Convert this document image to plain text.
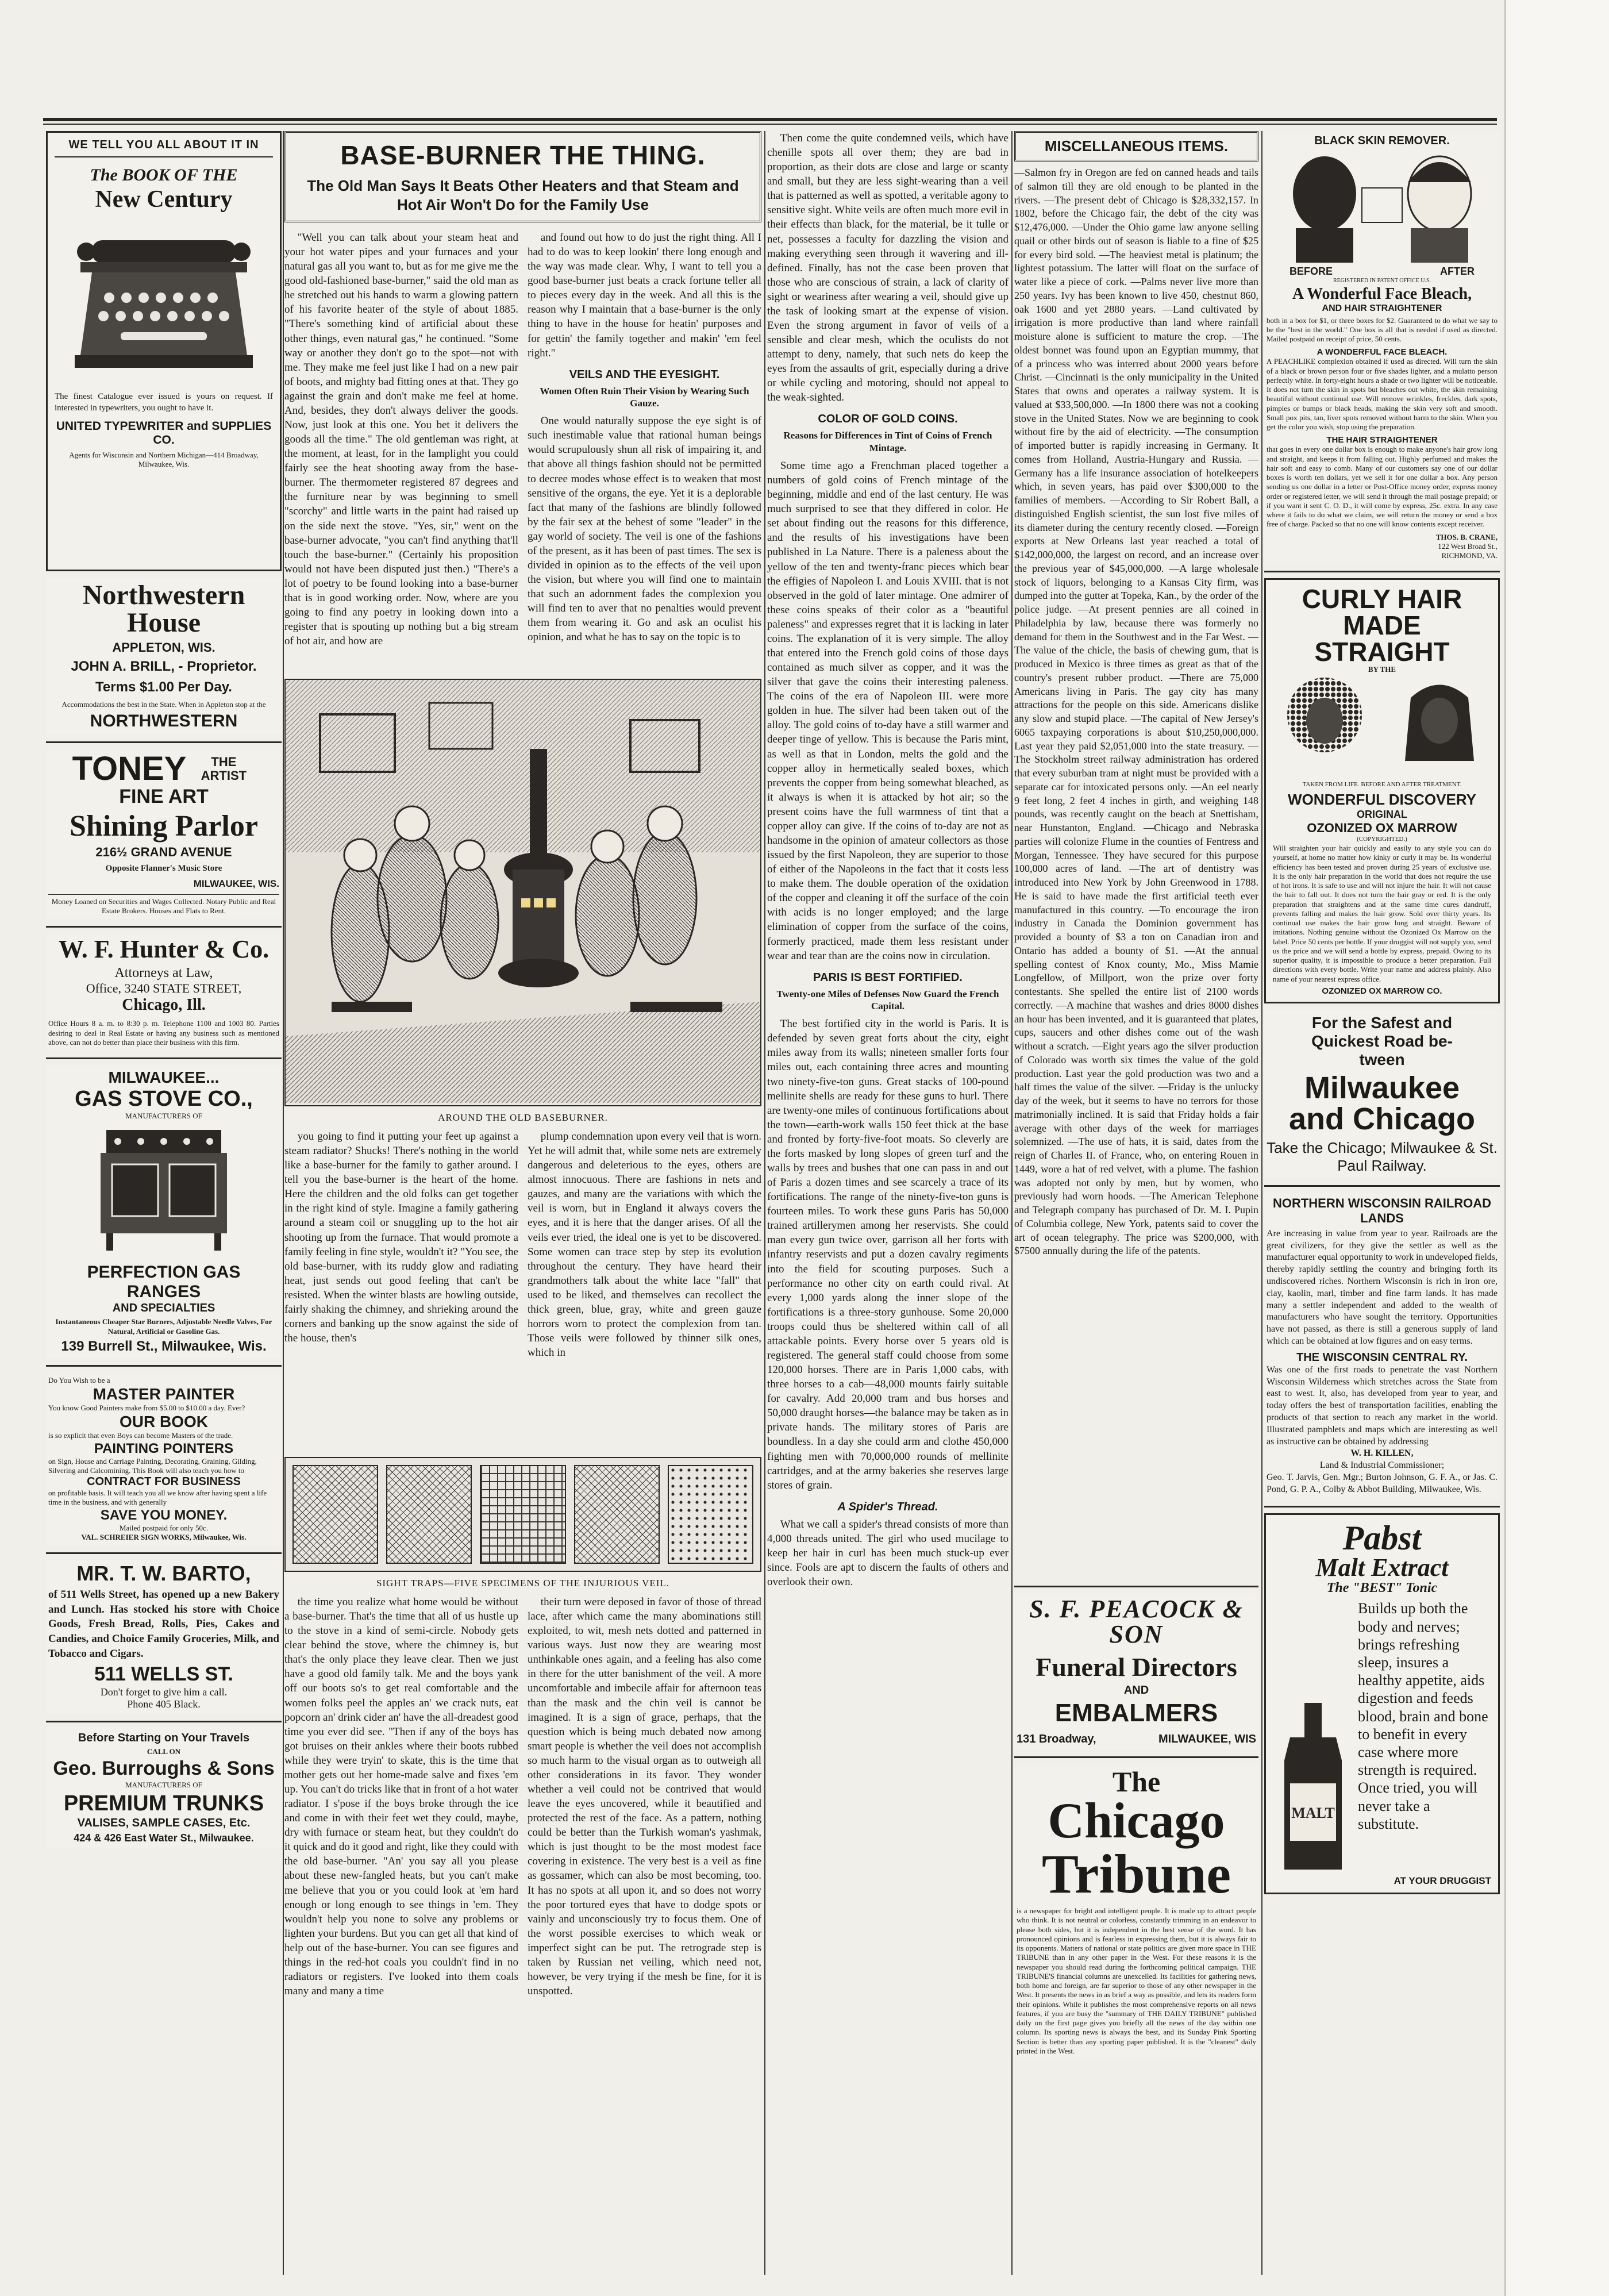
WE TELL YOU ALL ABOUT IT IN
The BOOK OF THE
New Century
The finest Catalogue ever issued is yours on request. If interested in typewriters, you ought to have it.
UNITED TYPEWRITER and SUPPLIES CO.
Agents for Wisconsin and Northern Michigan—414 Broadway, Milwaukee, Wis.
Northwestern House
APPLETON, WIS.
JOHN A. BRILL, - Proprietor.
Terms $1.00 Per Day.
Accommodations the best in the State. When in Appleton stop at the
NORTHWESTERN
TONEY	THE ARTIST
FINE ART
Shining Parlor
216½ GRAND AVENUE
Opposite Flanner's Music Store
MILWAUKEE, WIS.
Money Loaned on Securities and Wages Collected. Notary Public and Real Estate Brokers. Houses and Flats to Rent.
W. F. Hunter & Co.
Attorneys at Law,
Office, 3240 STATE STREET,
Chicago, Ill.
Office Hours 8 a. m. to 8:30 p. m. Telephone 1100 and 1003 80. Parties desiring to deal in Real Estate or having any business such as mentioned above, can not do better than place their business with this firm.
MILWAUKEE...
GAS STOVE CO.,
MANUFACTURERS OF
PERFECTION GAS RANGES
AND SPECIALTIES
Instantaneous Cheaper Star Burners, Adjustable Needle Valves, For Natural, Artificial or Gasoline Gas.
139 Burrell St., Milwaukee, Wis.
Do You Wish to be a
MASTER PAINTER
You know Good Painters make from $5.00 to $10.00 a day. Ever?
OUR BOOK
is so explicit that even Boys can become Masters of the trade.
PAINTING POINTERS
on Sign, House and Carriage Painting, Decorating, Graining, Gilding, Silvering and Calcomining. This Book will also teach you how to
CONTRACT FOR BUSINESS
on profitable basis. It will teach you all we know after having spent a life time in the business, and with generally
SAVE YOU MONEY.
Mailed postpaid for only 50c.
VAL. SCHREIER SIGN WORKS, Milwaukee, Wis.
MR. T. W. BARTO,
of 511 Wells Street, has opened up a new Bakery and Lunch. Has stocked his store with Choice Goods, Fresh Bread, Rolls, Pies, Cakes and Candies, and Choice Family Groceries, Milk, and Tobacco and Cigars.
511 WELLS ST.
Don't forget to give him a call.
Phone 405 Black.
Before Starting on Your Travels
CALL ON
Geo. Burroughs & Sons
MANUFACTURERS OF
PREMIUM TRUNKS
VALISES, SAMPLE CASES, Etc.
424 & 426 East Water St., Milwaukee.
BASE-BURNER THE THING.
The Old Man Says It Beats Other Heaters and that Steam and Hot Air Won't Do for the Family Use

"Well you can talk about your steam heat and your hot water pipes and your furnaces and your natural gas all you want to, but as for me give me the good old-fashioned base-burner," said the old man as he stretched out his hands to warm a glowing pattern of his favorite heater of the style of about 1885. "There's something kind of artificial about these other things, even natural gas," he continued. "Some way or another they don't go to the spot—not with me. They make me feel just like I had on a new pair of boots, and mighty bad fitting ones at that. They go against the grain and don't make me feel at home. And, besides, they don't always deliver the goods. Now, just look at this one. You bet it delivers the goods all the time." The old gentleman was right, at the moment, at least, for in the lamplight you could fairly see the heat shooting away from the base-burner. The thermometer registered 87 degrees and the furniture near by was beginning to smell "scorchy" and little warts in the paint had raised up on the side next the stove. "Yes, sir," went on the base-burner advocate, "you can't find anything that'll touch the base-burner." (Certainly his proposition would not have been disputed just then.) "There's a lot of poetry to be found looking into a base-burner that is in good working order. Now, where are you going to find any poetry in looking down into a register that is spouting up nothing but a big stream of hot air, and how are

and found out how to do just the right thing. All I had to do was to keep lookin' there long enough and the way was made clear. Why, I want to tell you a good base-burner just beats a crack fortune teller all to pieces every day in the week. And all this is the reason why I maintain that a base-burner is the only thing to have in the house for heatin' purposes and for gettin' the family together and makin' 'em feel right."

VEILS AND THE EYESIGHT.
Women Often Ruin Their Vision by Wearing Such Gauze.

One would naturally suppose the eye sight is of such inestimable value that rational human beings would scrupulously shun all risk of impairing it, and that above all things fashion should not be permitted to decree modes whose effect is to weaken that most sensitive of the organs, the eye. Yet it is a deplorable fact that many of the fashions are blindly followed by the fair sex at the behest of some "leader" in the gay world of society. The veil is one of the fashions of the present, as it has been of past times. The sex is divided in opinion as to the effects of the veil upon the vision, but where you will find one to maintain that such an adornment fades the complexion you will find ten to aver that no penalties would prevent them from wearing it. Go and ask an oculist his opinion, and what he has to say on the topic is to

AROUND THE OLD BASEBURNER.

you going to find it putting your feet up against a steam radiator? Shucks! There's nothing in the world like a base-burner for the family to gather around. I tell you the base-burner is the heart of the home. Here the children and the old folks can get together in the right kind of style. Imagine a family gathering around a steam coil or snuggling up to the hot air shooting up from the furnace. That would promote a family feeling in fine style, wouldn't it? "You see, the old base-burner, with its ruddy glow and radiating heat, just sends out good feeling that can't be resisted. When the winter blasts are howling outside, fairly shaking the chimney, and shrieking around the corners and banking up the snow against the side of the house, then's

plump condemnation upon every veil that is worn. Yet he will admit that, while some nets are extremely dangerous and deleterious to the eyes, others are almost innocuous. There are fashions in nets and gauzes, and many are the variations with which the veil is worn, but in England it always covers the eyes, and it is here that the danger arises. Of all the veils ever tried, the ideal one is yet to be discovered. Some women can trace step by step its evolution throughout the century. They have heard their grandmothers talk about the white lace "fall" that used to be liked, and themselves can recollect the thick green, blue, gray, white and green gauze horrors worn to protect the complexion from tan. Those veils were followed by thinner silk ones, which in

SIGHT TRAPS—FIVE SPECIMENS OF THE INJURIOUS VEIL.

the time you realize what home would be without a base-burner. That's the time that all of us hustle up to the stove in a kind of semi-circle. Nobody gets clear behind the stove, where the chimney is, but that's the only place they leave clear. Then we just have a good old family talk. Me and the boys yank off our boots so's to get real comfortable and the women folks peel the apples an' we crack nuts, eat popcorn an' drink cider an' have the all-dreadest good time you ever did see. "Then if any of the boys has got bruises on their ankles where their boots rubbed while they were tryin' to skate, this is the time that mother gets out her home-made salve and fixes 'em up. You can't do tricks like that in front of a hot water radiator. I s'pose if the boys broke through the ice and come in with their feet wet they could, maybe, dry with furnace or steam heat, but they couldn't do it quick and do it good and right, like they could with the old base-burner. "An' you say all you please about these new-fangled heats, but you can't make me believe that you or you could look at 'em hard enough or long enough to see things in 'em. They wouldn't help you none to solve any problems or lighten your burdens. But you can get all that kind of help out of the base-burner. You can see figures and things in the red-hot coals you couldn't find in no radiators or registers. I've looked into them coals many and many a time

their turn were deposed in favor of those of thread lace, after which came the many abominations still exploited, to wit, mesh nets dotted and patterned in various ways. Just now they are wearing most unthinkable ones again, and a feeling has also come in there for the utter banishment of the veil. A more uncomfortable and imbecile affair for afternoon teas than the mask and the chin veil is cannot be imagined. It is a sign of grace, perhaps, that the question which is being much debated now among smart people is whether the veil does not accomplish so much harm to the visual organ as to outweigh all other considerations in its favor. They wonder whether a veil could not be contrived that would leave the eyes uncovered, while it beautified and protected the rest of the face. As a pattern, nothing could be better than the Turkish woman's yashmak, which is just thought to be the most modest face covering in existence. The very best is a veil as fine as gossamer, which can also be most becoming, too. It has no spots at all upon it, and so does not worry the poor tortured eyes that have to dodge spots or vainly and unconsciously try to focus them. One of the worst possible exercises to which weak or imperfect sight can be put. The retrograde step is taken by Russian net veiling, which need not, however, be very trying if the mesh be fine, for it is unspotted.

Then come the quite condemned veils, which have chenille spots all over them; they are bad in proportion, as their dots are close and large or scanty and small, but they are less sight-wearing than a veil that is patterned as well as spotted, a veritable agony to sensitive sight. White veils are often much more evil in their effects than black, for the material, be it tulle or net, possesses a faculty for dazzling the vision and making everything seen through it wavering and ill-defined. Finally, has not the case been proven that those who are conscious of strain, a lack of clarity of sight or weariness after wearing a veil, should give up the task of looking smart at the expense of vision. Even the strong argument in favor of veils of a sensible and clear mesh, which the oculists do not attempt to deny, namely, that such nets do keep the eyes from the assaults of grit, especially during a drive or while cycling and motoring, should not appeal to the weak-sighted.

COLOR OF GOLD COINS.
Reasons for Differences in Tint of Coins of French Mintage.

Some time ago a Frenchman placed together a numbers of gold coins of French mintage of the beginning, middle and end of the last century. He was much surprised to see that they differed in color. He set about finding out the reasons for this difference, and the results of his investigations have been published in La Nature. There is a paleness about the yellow of the ten and twenty-franc pieces which bear the effigies of Napoleon I. and Louis XVIII. that is not observed in the gold of later mintage. One admirer of these coins speaks of their color as a "beautiful paleness" and expresses regret that it is lacking in later coins. The explanation of it is very simple. The alloy that entered into the French gold coins of those days contained as much silver as copper, and it was the silver that gave the coins their interesting paleness. The coins of the era of Napoleon III. were more golden in hue. The silver had been taken out of the alloy. The gold coins of to-day have a still warmer and deeper tinge of yellow. This is because the Paris mint, as well as that in London, melts the gold and the copper alloy in hermetically sealed boxes, which prevents the copper from being somewhat bleached, as it always is when it is attacked by hot air; so the present coins have the full warmness of tint that a copper alloy can give. If the coins of to-day are not as handsome in the opinion of amateur collectors as those issued by the first Napoleon, they are superior to those of either of the Napoleons in the fact that it costs less to make them. The double operation of the oxidation of the copper and cleaning it off the surface of the coin with acids is no longer employed; and the large elimination of copper from the surface of the coins, formerly practiced, made them less resistant under wear and tear than are the coins now in circulation.

PARIS IS BEST FORTIFIED.
Twenty-one Miles of Defenses Now Guard the French Capital.

The best fortified city in the world is Paris. It is defended by seven great forts about the city, eight miles away from its walls; nineteen smaller forts four miles out, each containing three acres and mounting two ninety-five-ton guns. Great stacks of 100-pound mellinite shells are ready for these guns to hurl. There are twenty-one miles of continuous fortifications about the town—earth-work walls 150 feet thick at the base and fronted by forty-five-foot moats. So cleverly are the forts masked by long slopes of green turf and the walls by trees and bushes that one can pass in and out of Paris a dozen times and see scarcely a trace of its fortifications. The range of the ninety-five-ton guns is fourteen miles. To work these guns Paris has 50,000 trained artillerymen among her reservists. She could man every gun twice over, garrison all her forts with infantry reservists and put a dozen cavalry regiments into the field for scouting purposes. Such a performance no other city on earth could rival. At every 1,000 yards along the inner slope of the fortifications is a three-story gunhouse. Some 20,000 troops could thus be sheltered within call of all attackable points. Every horse over 5 years old is registered. The general staff could choose from some 120,000 horses. There are in Paris 1,000 cabs, with three horses to a cab—48,000 mounts fairly suitable for cavalry. Add 20,000 tram and bus horses and 50,000 draught horses—the balance may be taken as in private hands. The military stores of Paris are boundless. In a day she could arm and clothe 450,000 fighting men with 70,000,000 rounds of mellinite cartridges, and at the army bakeries she reserves large stores of grain.

A Spider's Thread.

What we call a spider's thread consists of more than 4,000 threads united. The girl who used mucilage to keep her hair in curl has been much stuck-up ever since. Fools are apt to discern the faults of others and overlook their own.

MISCELLANEOUS ITEMS.

—Salmon fry in Oregon are fed on canned heads and tails of salmon till they are old enough to be planted in the rivers. —The present debt of Chicago is $28,332,157. In 1802, before the Chicago fair, the debt of the city was $12,476,000. —Under the Ohio game law anyone selling quail or other birds out of season is liable to a fine of $25 for every bird sold. —The heaviest metal is platinum; the lightest potassium. The latter will float on the surface of water like a piece of cork. —Palms never live more than 250 years. Ivy has been known to live 450, chestnut 860, oak 1600 and yet 2880 years. —Land cultivated by irrigation is more productive than land where rainfall moisture alone is sufficient to mature the crop. —The oldest bonnet was found upon an Egyptian mummy, that of a princess who was interred about 2000 years before Christ. —Cincinnati is the only municipality in the United States that owns and operates a railway system. It is valued at $33,500,000. —In 1800 there was not a cooking stove in the United States. Now we are beginning to cook without fire by the aid of electricity. —The consumption of imported butter is rapidly increasing in Germany. It comes from Holland, Austria-Hungary and Russia. —Germany has a life insurance association of hotelkeepers which, in seven years, has paid over $300,000 to the families of members. —According to Sir Robert Ball, a distinguished English scientist, the sun lost five miles of its diameter during the century recently closed. —Foreign exports at New Orleans last year reached a total of $142,000,000, the largest on record, and an increase over the previous year of $45,000,000. —A large wholesale stock of liquors, belonging to a Kansas City firm, was dumped into the gutter at Topeka, Kan., by the order of the police judge. —At present pennies are all coined in Philadelphia by law, because there was formerly no demand for them in the Southwest and in the Far West. —The value of the chicle, the basis of chewing gum, that is produced in Mexico is three times as great as that of the country's present rubber product. —There are 75,000 Americans living in Paris. The gay city has many attractions for the people on this side. Americans dislike any slow and stupid place. —The capital of New Jersey's 6065 taxpaying corporations is about $10,250,000,000. Last year they paid $2,051,000 into the state treasury. —The Stockholm street railway administration has ordered that every suburban tram at night must be provided with a separate car for intoxicated persons only. —An eel nearly 9 feet long, 2 feet 4 inches in girth, and weighing 148 pounds, was recently caught on the beach at Snettisham, near Hunstanton, England. —Chicago and Nebraska parties will colonize Flume in the counties of Fentress and Morgan, Tennessee. They have secured for this purpose 100,000 acres of land. —The art of dentistry was introduced into New York by John Greenwood in 1788. He is said to have made the first artificial teeth ever manufactured in this country. —To encourage the iron industry in Canada the Dominion government has provided a bounty of $3 a ton on Canadian iron and Ontario has added a bounty of $1. —At the annual spelling contest of Knox county, Mo., Miss Mamie Longfellow, of Millport, won the prize over forty contestants. She spelled the entire list of 2100 words correctly. —A machine that washes and dries 8000 dishes an hour has been invented, and it is guaranteed that plates, cups, saucers and other dishes come out of the wash without a scratch. —Eight years ago the silver production of Colorado was worth six times the value of the gold production. Last year the gold production was two and a half times the value of the silver. —Friday is the unlucky day of the week, but it seems to have no terrors for those matrimonially inclined. It is said that Friday holds a fair average with other days of the week for marriages solemnized. —The use of hats, it is said, dates from the reign of Charles II. of France, who, on entering Rouen in 1449, wore a hat of red velvet, with a plume. The fashion was adopted not only by men, but by women, who previously had worn hoods. —The American Telephone and Telegraph company has purchased of Dr. M. I. Pupin of Columbia college, New York, patents said to cover the art of ocean telegraphy. The price was $200,000, with $7500 annually during the life of the patents.

S. F. PEACOCK & SON
Funeral Directors
AND
EMBALMERS
131 Broadway,	MILWAUKEE, WIS
The
Chicago
Tribune
is a newspaper for bright and intelligent people. It is made up to attract people who think. It is not neutral or colorless, constantly trimming in an endeavor to please both sides, but it is independent in the best sense of the word. It has pronounced opinions and is fearless in expressing them, but it is always fair to its opponents. Matters of national or state politics are given more space in THE TRIBUNE than in any other paper in the West. For these reasons it is the newspaper you should read during the forthcoming political campaign. THE TRIBUNE'S financial columns are unexcelled. Its facilities for gathering news, both home and foreign, are far superior to those of any other newspaper in the West. It presents the news in as brief a way as possible, and lets its readers form their opinions. While it publishes the most comprehensive reports on all news features, if you are busy the "summary of THE DAILY TRIBUNE" published daily on the first page gives you briefly all the news of the day within one column. Its sporting news is always the best, and its Sunday Pink Sporting Section is better than any sporting paper published. It is the "cleanest" daily printed in the West.
BLACK SKIN REMOVER.
BEFORE	AFTER
REGISTERED IN PATENT OFFICE U.S.
A Wonderful Face Bleach,
AND HAIR STRAIGHTENER
both in a box for $1, or three boxes for $2. Guaranteed to do what we say to be the "best in the world." One box is all that is needed if used as directed. Mailed postpaid on receipt of price, 50 cents.
A WONDERFUL FACE BLEACH.
A PEACHLIKE complexion obtained if used as directed. Will turn the skin of a black or brown person four or five shades lighter, and a mulatto person perfectly white. In forty-eight hours a shade or two lighter will be noticeable. It does not turn the skin in spots but bleaches out white, the skin remaining beautiful without continual use. Will remove wrinkles, freckles, dark spots, pimples or bumps or black heads, making the skin very soft and smooth. Small pox pits, tan, liver spots removed without harm to the skin. When you get the color you wish, stop using the preparation.
THE HAIR STRAIGHTENER
that goes in every one dollar box is enough to make anyone's hair grow long and straight, and keeps it from falling out. Highly perfumed and makes the hair soft and easy to comb. Many of our customers say one of our dollar boxes is worth ten dollars, yet we sell it for one dollar a box. Any person sending us one dollar in a letter or Post-Office money order, express money order or registered letter, we will send it through the mail postage prepaid; or if you want it sent C. O. D., it will come by express, 25c. extra. In any case where it fails to do what we claim, we will return the money or send a box free of charge. Packed so that no one will know contents except receiver.
THOS. B. CRANE,
122 West Broad St.,
RICHMOND, VA.
CURLY HAIR
MADE STRAIGHT
BY THE
TAKEN FROM LIFE. BEFORE AND AFTER TREATMENT.
WONDERFUL DISCOVERY
ORIGINAL
OZONIZED OX MARROW
(COPYRIGHTED.)
Will straighten your hair quickly and easily to any style you can do yourself, at home no matter how kinky or curly it may be. Its wonderful efficiency has been tested and proven during 25 years of exclusive use. It is the only hair preparation in the world that does not require the use of hot irons. It is safe to use and will not injure the hair. It will not cause the hair to fall out. It does not turn the hair gray or red. It is the only preparation that straightens and at the same time cures dandruff, prevents falling and makes the hair grow. Sold over thirty years. Its continual use makes the hair grow long and straight. Beware of imitations. Nothing genuine without the Ozonized Ox Marrow on the label. Price 50 cents per bottle. If your druggist will not supply you, send us the price and we will send a bottle by express, prepaid. Owing to its superior quality, it is impossible to produce a better preparation. Full directions with every bottle. Write your name and address plainly. Also name of your nearest express office.
OZONIZED OX MARROW CO.
For the Safest and
Quickest Road be-
tween
Milwaukee
and Chicago
Take the Chicago; Milwaukee & St. Paul Railway.
NORTHERN WISCONSIN RAILROAD LANDS
Are increasing in value from year to year. Railroads are the great civilizers, for they give the settler as well as the manufacturer equal opportunity to work in undeveloped fields, thereby rapidly settling the country and bringing forth its undiscovered riches. Northern Wisconsin is rich in iron ore, clay, kaolin, marl, timber and fine farm lands. It has made many a settler independent and added to the wealth of manufacturers who have sought the territory. Opportunities have not passed, as there is still a generous supply of land which can be obtained at low figures and on easy terms.
THE WISCONSIN CENTRAL RY.
Was one of the first roads to penetrate the vast Northern Wisconsin Wilderness which stretches across the State from east to west. It, also, has developed from year to year, and today offers the best of transportation facilities, enabling the products of that section to reach any market in the world. Illustrated pamphlets and maps which are interesting as well as instructive can be obtained by addressing
W. H. KILLEN,
Land & Industrial Commissioner;
Geo. T. Jarvis, Gen. Mgr.; Burton Johnson, G. F. A., or Jas. C. Pond, G. P. A., Colby & Abbot Building, Milwaukee, Wis.
Pabst
Malt Extract
The "BEST" Tonic
MALT
Builds up both the body and nerves; brings refreshing sleep, insures a healthy appetite, aids digestion and feeds blood, brain and bone to benefit in every case where more strength is required. Once tried, you will never take a substitute.
AT YOUR DRUGGIST
